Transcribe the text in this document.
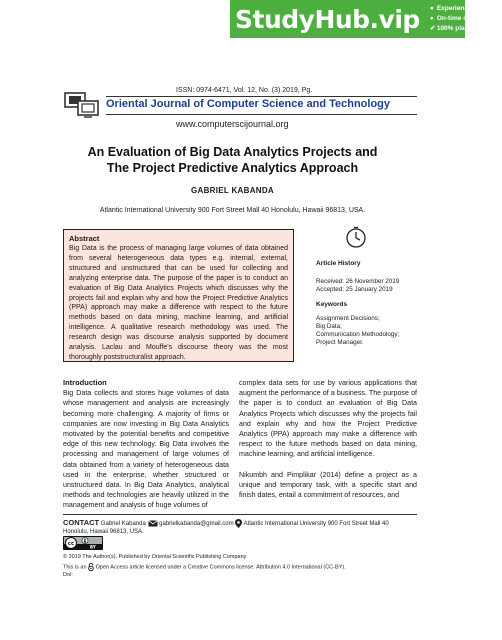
StudyHub.vip ● Experienced writers
● On-time delivery
✔ 100% plagiarism free
ISSN: 0974-6471, Vol. 12, No. (3) 2019, Pg.
Oriental Journal of Computer Science and Technology
www.computerscijournal.org
An Evaluation of Big Data Analytics Projects and
The Project Predictive Analytics Approach
GABRIEL KABANDA
Atlantic International University 900 Fort Street Mall 40 Honolulu, Hawaii 96813, USA.
Abstract

Big Data is the process of managing large volumes of data obtained from several heterogeneous data types e.g. internal, external, structured and unstructured that can be used for collecting and analyzing enterprise data. The purpose of the paper is to conduct an evaluation of Big Data Analytics Projects which discusses why the projects fail and explain why and how the Project Predictive Analytics (PPA) approach may make a difference with respect to the future methods based on data mining, machine learning, and artificial intelligence. A qualitative research methodology was used. The research design was discourse analysis supported by document analysis. Laclau and Mouffe's discourse theory was the most thoroughly poststructuralist approach.

Article History
Received: 26 November 2019
Accepted: 25 January 2019
Keywords
Assignment Decisions;
Big Data;
Communication Methodology;
Project Manager.
Introduction

Big Data collects and stores huge volumes of data whose management and analysis are increasingly becoming more challenging. A majority of firms or companies are now investing in Big Data Analytics motivated by the potential benefits and competitive edge of this new technology. Big Data involves the processing and management of large volumes of data obtained from a variety of heterogeneous data used in the enterprise, whether structured or unstructured data. In Big Data Analytics, analytical methods and technologies are heavily utilized in the management and analysis of huge volumes of

complex data sets for use by various applications that augment the performance of a business. The purpose of the paper is to conduct an evaluation of Big Data Analytics Projects which discusses why the projects fail and explain why and how the Project Predictive Analytics (PPA) approach may make a difference with respect to the future methods based on data mining, machine learning, and artificial intelligence.

Nikumbh and Pimplikar (2014) define a project as a unique and temporary task, with a specific start and finish dates, entail a commitment of resources, and

CONTACT Gabriel Kabanda gabrielkabanda@gmail.com Atlantic International University 900 Fort Street Mall 40 Honolulu, Hawaii 96813, USA.
cc	BY
© 2019 The Author(s). Published by Oriental Scientific Publishing Company
This is an Open Access article licensed under a Creative Commons license: Attribution 4.0 International (CC-BY).
Doi:
